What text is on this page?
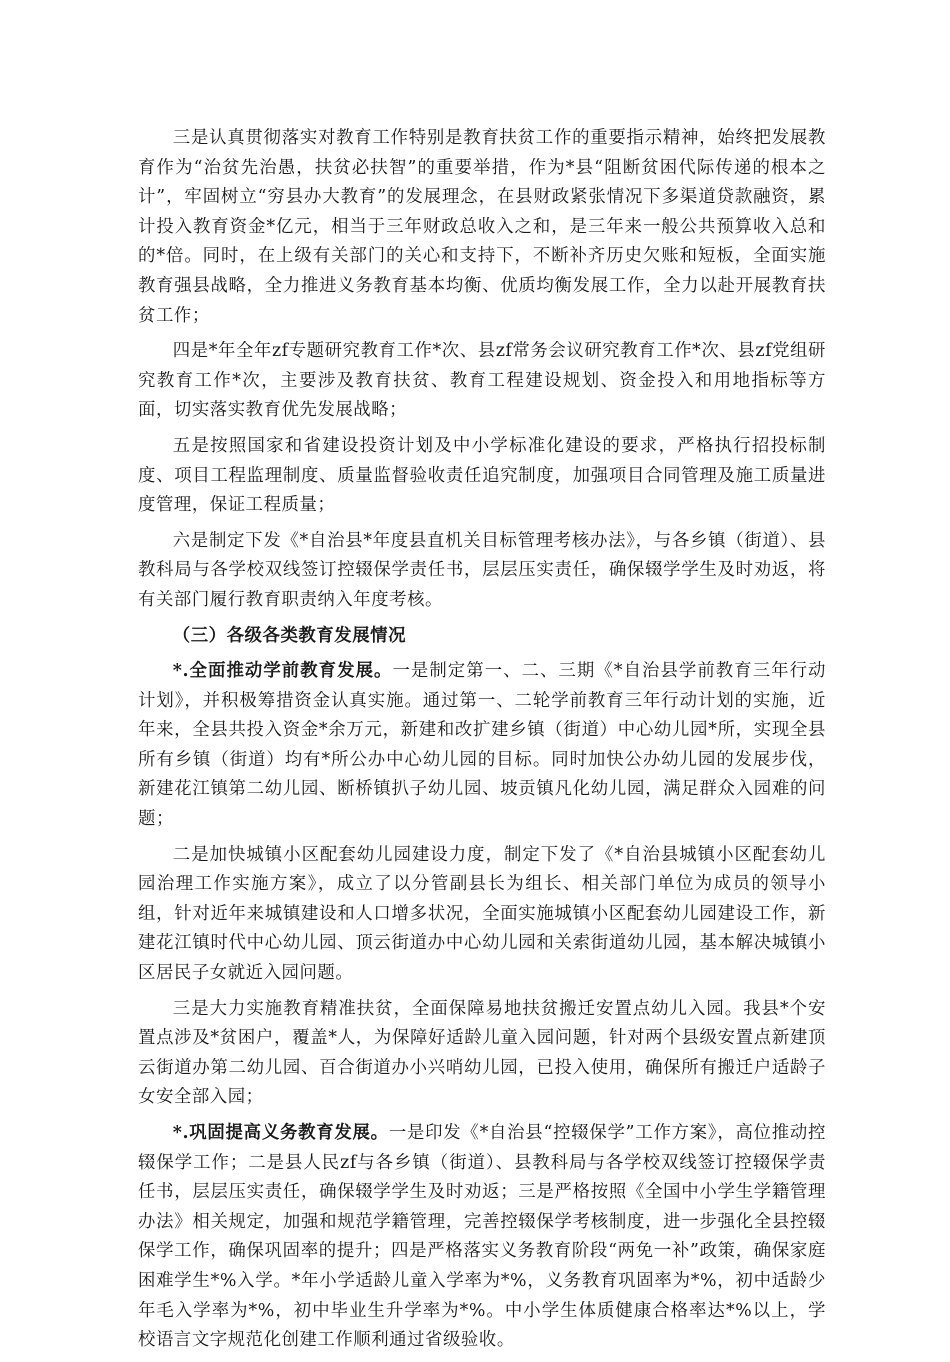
三是认真贯彻落实对教育工作特别是教育扶贫工作的重要指示精神，始终把发展教育作为“治贫先治愚，扶贫必扶智”的重要举措，作为*县“阻断贫困代际传递的根本之计”，牢固树立“穷县办大教育”的发展理念，在县财政紧张情况下多渠道贷款融资，累计投入教育资金*亿元，相当于三年财政总收入之和，是三年来一般公共预算收入总和的*倍。同时，在上级有关部门的关心和支持下，不断补齐历史欠账和短板，全面实施教育强县战略，全力推进义务教育基本均衡、优质均衡发展工作，全力以赴开展教育扶贫工作；

四是*年全年zf专题研究教育工作*次、县zf常务会议研究教育工作*次、县zf党组研究教育工作*次，主要涉及教育扶贫、教育工程建设规划、资金投入和用地指标等方面，切实落实教育优先发展战略；

五是按照国家和省建设投资计划及中小学标准化建设的要求，严格执行招投标制度、项目工程监理制度、质量监督验收责任追究制度，加强项目合同管理及施工质量进度管理，保证工程质量；

六是制定下发《*自治县*年度县直机关目标管理考核办法》，与各乡镇（街道）、县教科局与各学校双线签订控辍保学责任书，层层压实责任，确保辍学学生及时劝返，将有关部门履行教育职责纳入年度考核。

（三）各级各类教育发展情况

*.全面推动学前教育发展。一是制定第一、二、三期《*自治县学前教育三年行动计划》，并积极筹措资金认真实施。通过第一、二轮学前教育三年行动计划的实施，近年来，全县共投入资金*余万元，新建和改扩建乡镇（街道）中心幼儿园*所，实现全县所有乡镇（街道）均有*所公办中心幼儿园的目标。同时加快公办幼儿园的发展步伐，新建花江镇第二幼儿园、断桥镇扒子幼儿园、坡贡镇凡化幼儿园，满足群众入园难的问题；

二是加快城镇小区配套幼儿园建设力度，制定下发了《*自治县城镇小区配套幼儿园治理工作实施方案》，成立了以分管副县长为组长、相关部门单位为成员的领导小组，针对近年来城镇建设和人口增多状况，全面实施城镇小区配套幼儿园建设工作，新建花江镇时代中心幼儿园、顶云街道办中心幼儿园和关索街道幼儿园，基本解决城镇小区居民子女就近入园问题。

三是大力实施教育精准扶贫，全面保障易地扶贫搬迁安置点幼儿入园。我县*个安置点涉及*贫困户，覆盖*人，为保障好适龄儿童入园问题，针对两个县级安置点新建顶云街道办第二幼儿园、百合街道办小兴哨幼儿园，已投入使用，确保所有搬迁户适龄子女安全部入园；

*.巩固提高义务教育发展。一是印发《*自治县“控辍保学”工作方案》，高位推动控辍保学工作；二是县人民zf与各乡镇（街道）、县教科局与各学校双线签订控辍保学责任书，层层压实责任，确保辍学学生及时劝返；三是严格按照《全国中小学生学籍管理办法》相关规定，加强和规范学籍管理，完善控辍保学考核制度，进一步强化全县控辍保学工作，确保巩固率的提升；四是严格落实义务教育阶段“两免一补”政策，确保家庭困难学生*%入学。*年小学适龄儿童入学率为*%，义务教育巩固率为*%，初中适龄少年毛入学率为*%，初中毕业生升学率为*%。中小学生体质健康合格率达*%以上，学校语言文字规范化创建工作顺利通过省级验收。
